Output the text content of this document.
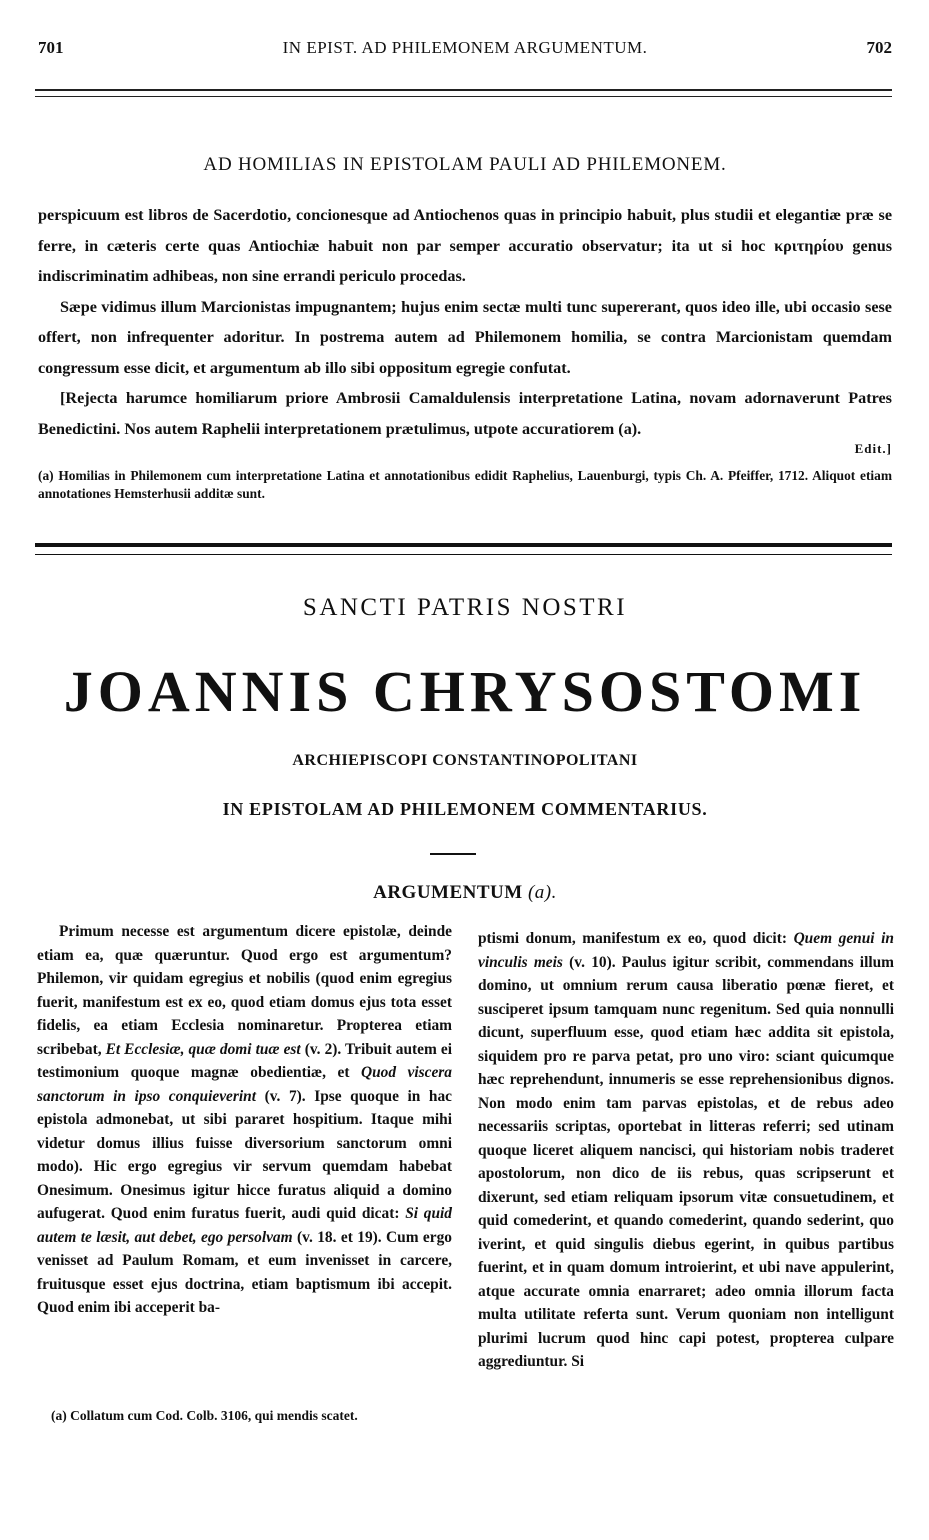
701	IN EPIST. AD PHILEMONEM ARGUMENTUM.	702
AD HOMILIAS IN EPISTOLAM PAULI AD PHILEMONEM.

perspicuum est libros de Sacerdotio, concionesque ad Antiochenos quas in principio habuit, plus studii et elegantiæ præ se ferre, in cæteris certe quas Antiochiæ habuit non par semper accuratio observatur; ita ut si hoc κριτηρίου genus indiscriminatim adhibeas, non sine errandi periculo procedas.

Sæpe vidimus illum Marcionistas impugnantem; hujus enim sectæ multi tunc supererant, quos ideo ille, ubi occasio sese offert, non infrequenter adoritur. In postrema autem ad Philemonem homilia, se contra Marcionistam quemdam congressum esse dicit, et argumentum ab illo sibi oppositum egregie confutat.

[Rejecta harumce homiliarum priore Ambrosii Camaldulensis interpretatione Latina, novam adornaverunt Patres Benedictini. Nos autem Raphelii interpretationem prætulimus, utpote accuratiorem (a).

Edit.]
(a) Homilias in Philemonem cum interpretatione Latina et annotationibus edidit Raphelius, Lauenburgi, typis Ch. A. Pfeiffer, 1712. Aliquot etiam annotationes Hemsterhusii additæ sunt.
SANCTI PATRIS NOSTRI
JOANNIS CHRYSOSTOMI
ARCHIEPISCOPI CONSTANTINOPOLITANI
IN EPISTOLAM AD PHILEMONEM COMMENTARIUS.
ARGUMENTUM (a).

Primum necesse est argumentum dicere epistolæ, deinde etiam ea, quæ quæruntur. Quod ergo est argumentum? Philemon, vir quidam egregius et nobilis (quod enim egregius fuerit, manifestum est ex eo, quod etiam domus ejus tota esset fidelis, ea etiam Ecclesia nominaretur. Propterea etiam scribebat, Et Ecclesiæ, quæ domi tuæ est (v. 2). Tribuit autem ei testimonium quoque magnæ obedientiæ, et Quod viscera sanctorum in ipso conquieverint (v. 7). Ipse quoque in hac epistola admonebat, ut sibi pararet hospitium. Itaque mihi videtur domus illius fuisse diversorium sanctorum omni modo). Hic ergo egregius vir servum quemdam habebat Onesimum. Onesimus igitur hicce furatus aliquid a domino aufugerat. Quod enim furatus fuerit, audi quid dicat: Si quid autem te læsit, aut debet, ego persolvam (v. 18. et 19). Cum ergo venisset ad Paulum Romam, et eum invenisset in carcere, fruitusque esset ejus doctrina, etiam baptismum ibi accepit. Quod enim ibi acceperit ba-

(a) Collatum cum Cod. Colb. 3106, qui mendis scatet.

ptismi donum, manifestum ex eo, quod dicit: Quem genui in vinculis meis (v. 10). Paulus igitur scribit, commendans illum domino, ut omnium rerum causa liberatio pœnæ fieret, et susciperet ipsum tamquam nunc regenitum. Sed quia nonnulli dicunt, superfluum esse, quod etiam hæc addita sit epistola, siquidem pro re parva petat, pro uno viro: sciant quicumque hæc reprehendunt, innumeris se esse reprehensionibus dignos. Non modo enim tam parvas epistolas, et de rebus adeo necessariis scriptas, oportebat in litteras referri; sed utinam quoque liceret aliquem nancisci, qui historiam nobis traderet apostolorum, non dico de iis rebus, quas scripserunt et dixerunt, sed etiam reliquam ipsorum vitæ consuetudinem, et quid comederint, et quando comederint, quando sederint, quo iverint, et quid singulis diebus egerint, in quibus partibus fuerint, et in quam domum introierint, et ubi nave appulerint, atque accurate omnia enarraret; adeo omnia illorum facta multa utilitate referta sunt. Verum quoniam non intelligunt plurimi lucrum quod hinc capi potest, propterea culpare aggrediuntur. Si
